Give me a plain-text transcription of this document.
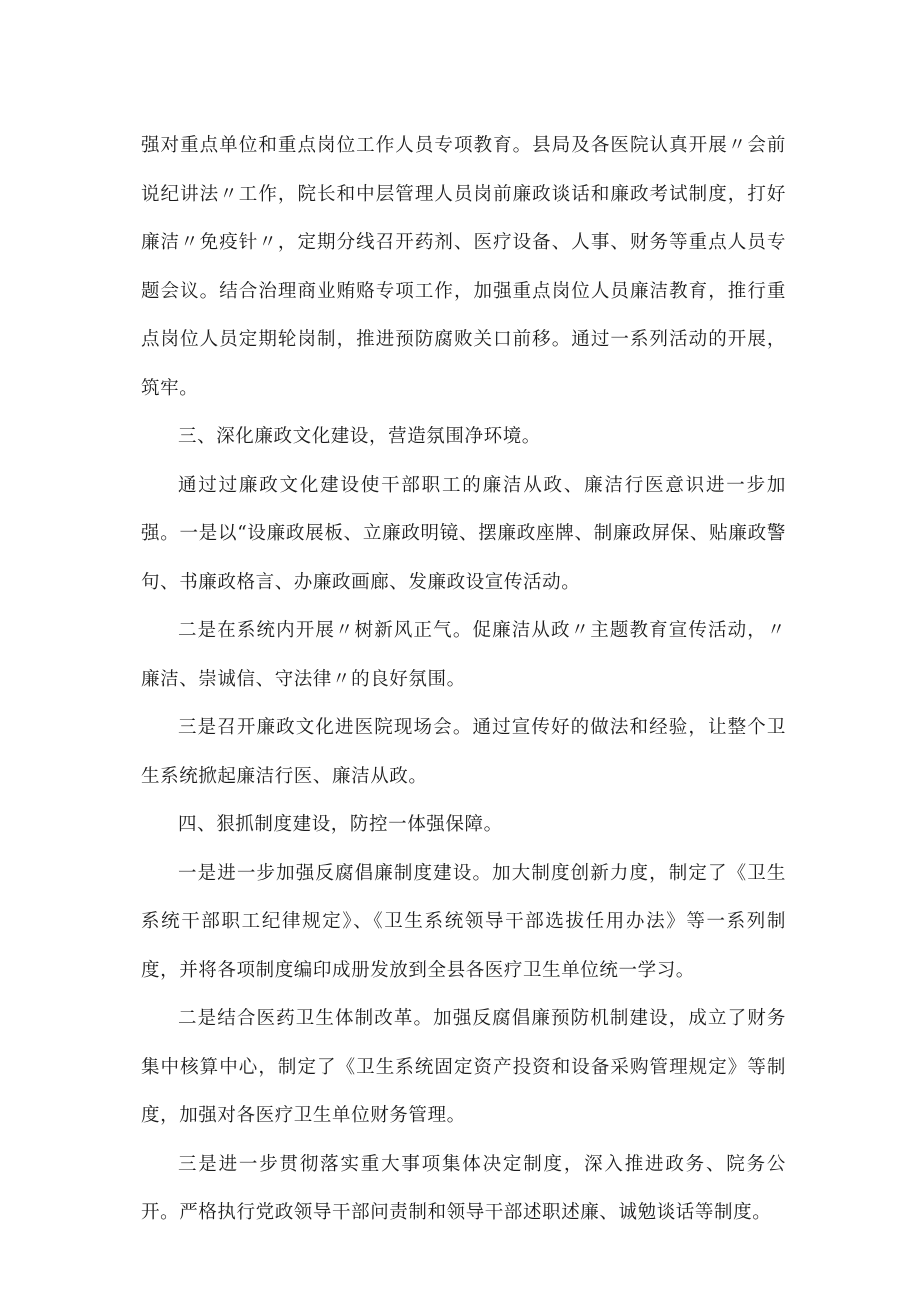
强对重点单位和重点岗位工作人员专项教育。县局及各医院认真开展〃会前说纪讲法〃工作，院长和中层管理人员岗前廉政谈话和廉政考试制度，打好廉洁〃免疫针〃，定期分线召开药剂、医疗设备、人事、财务等重点人员专题会议。结合治理商业贿赂专项工作，加强重点岗位人员廉洁教育，推行重点岗位人员定期轮岗制，推进预防腐败关口前移。通过一系列活动的开展，筑牢。

三、深化廉政文化建设，营造氛围净环境。

通过过廉政文化建设使干部职工的廉洁从政、廉洁行医意识进一步加强。一是以“设廉政展板、立廉政明镜、摆廉政座牌、制廉政屏保、贴廉政警句、书廉政格言、办廉政画廊、发廉政设宣传活动。

二是在系统内开展〃树新风正气。促廉洁从政〃主题教育宣传活动，〃廉洁、崇诚信、守法律〃的良好氛围。

三是召开廉政文化进医院现场会。通过宣传好的做法和经验，让整个卫生系统掀起廉洁行医、廉洁从政。

四、狠抓制度建设，防控一体强保障。

一是进一步加强反腐倡廉制度建设。加大制度创新力度，制定了《卫生系统干部职工纪律规定》、《卫生系统领导干部选拔任用办法》等一系列制度，并将各项制度编印成册发放到全县各医疗卫生单位统一学习。

二是结合医药卫生体制改革。加强反腐倡廉预防机制建设，成立了财务集中核算中心，制定了《卫生系统固定资产投资和设备采购管理规定》等制度，加强对各医疗卫生单位财务管理。

三是进一步贯彻落实重大事项集体决定制度，深入推进政务、院务公开。严格执行党政领导干部问责制和领导干部述职述廉、诚勉谈话等制度。
